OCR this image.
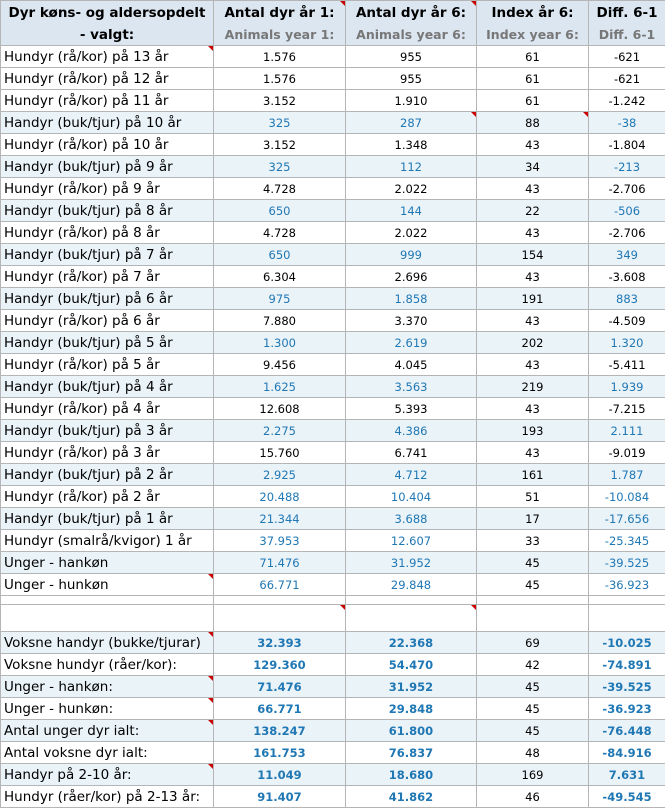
Dyr køns- og aldersopdelt	Antal dyr år 1:	Antal dyr år 6:	Index år 6:	Diff. 6-1
- valgt:	Animals year 1:	Animals year 6:	Index year 6:	Diff. 6-1
Hundyr (rå/kor) på 13 år	1.576	955	61	-621
Hundyr (rå/kor) på 12 år	1.576	955	61	-621
Hundyr (rå/kor) på 11 år	3.152	1.910	61	-1.242
Handyr (buk/tjur) på 10 år	325	287	88	-38
Hundyr (rå/kor) på 10 år	3.152	1.348	43	-1.804
Handyr (buk/tjur) på 9 år	325	112	34	-213
Hundyr (rå/kor) på 9 år	4.728	2.022	43	-2.706
Handyr (buk/tjur) på 8 år	650	144	22	-506
Hundyr (rå/kor) på 8 år	4.728	2.022	43	-2.706
Handyr (buk/tjur) på 7 år	650	999	154	349
Hundyr (rå/kor) på 7 år	6.304	2.696	43	-3.608
Handyr (buk/tjur) på 6 år	975	1.858	191	883
Hundyr (rå/kor) på 6 år	7.880	3.370	43	-4.509
Handyr (buk/tjur) på 5 år	1.300	2.619	202	1.320
Hundyr (rå/kor) på 5 år	9.456	4.045	43	-5.411
Handyr (buk/tjur) på 4 år	1.625	3.563	219	1.939
Hundyr (rå/kor) på 4 år	12.608	5.393	43	-7.215
Handyr (buk/tjur) på 3 år	2.275	4.386	193	2.111
Hundyr (rå/kor) på 3 år	15.760	6.741	43	-9.019
Handyr (buk/tjur) på 2 år	2.925	4.712	161	1.787
Hundyr (rå/kor) på 2 år	20.488	10.404	51	-10.084
Handyr (buk/tjur) på 1 år	21.344	3.688	17	-17.656
Hundyr (smalrå/kvigor) 1 år	37.953	12.607	33	-25.345
Unger - hankøn	71.476	31.952	45	-39.525
Unger - hunkøn	66.771	29.848	45	-36.923

Voksne handyr (bukke/tjurar)	32.393	22.368	69	-10.025
Voksne hundyr (råer/kor):	129.360	54.470	42	-74.891
Unger - hankøn:	71.476	31.952	45	-39.525
Unger - hunkøn:	66.771	29.848	45	-36.923
Antal unger dyr ialt:	138.247	61.800	45	-76.448
Antal voksne dyr ialt:	161.753	76.837	48	-84.916
Handyr på 2-10 år:	11.049	18.680	169	7.631
Hundyr (råer/kor) på 2-13 år:	91.407	41.862	46	-49.545
